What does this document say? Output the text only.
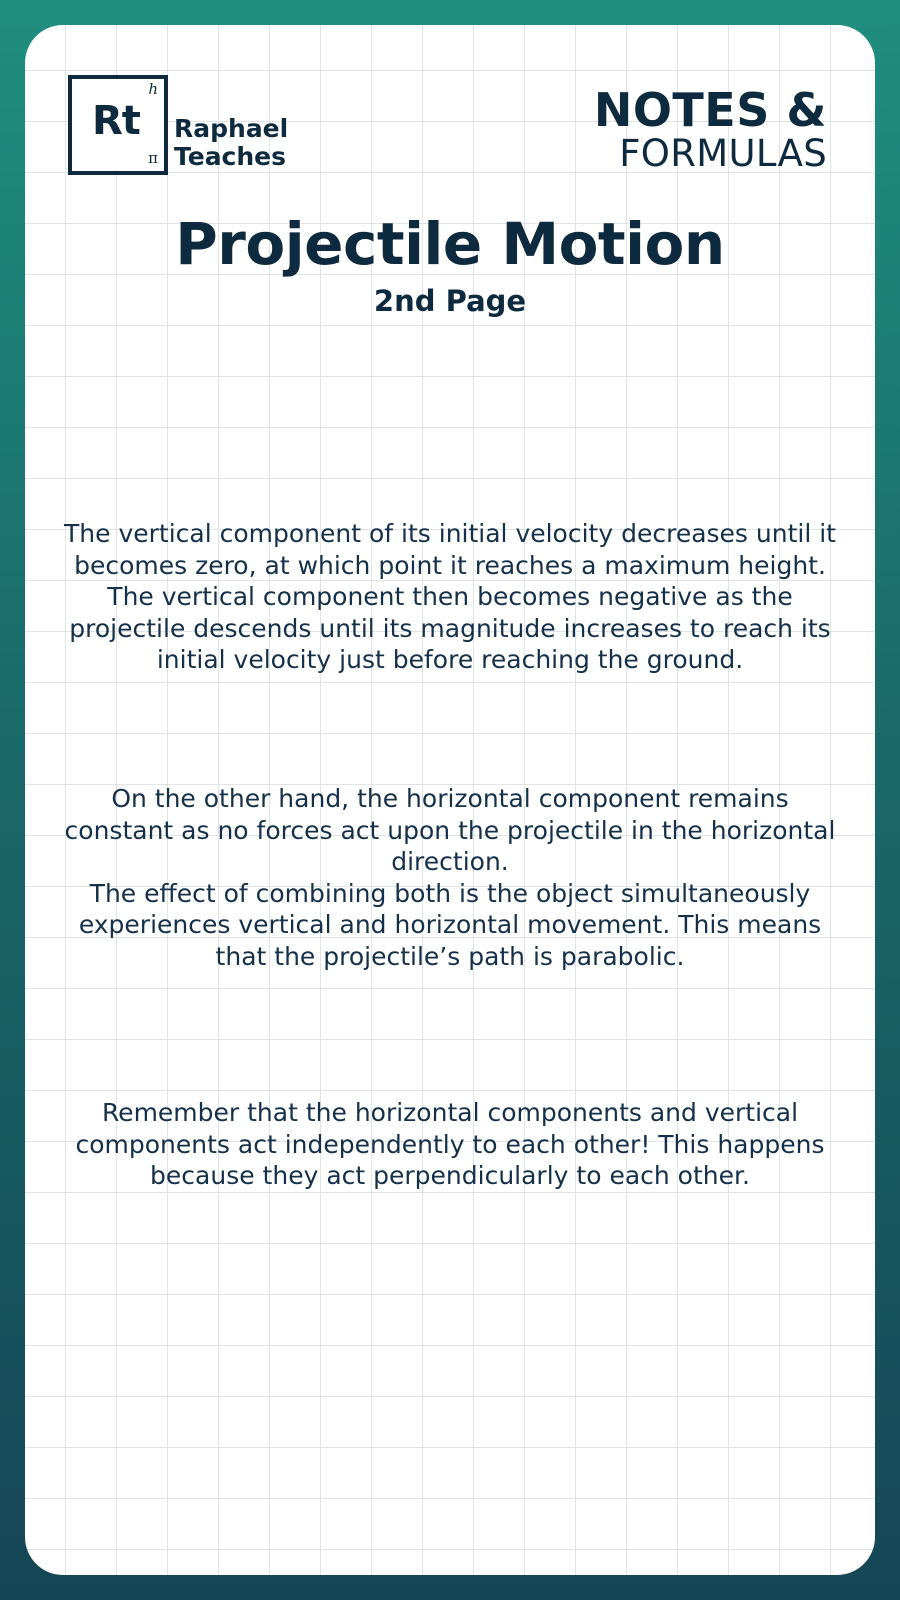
Rt
h
π
Raphael
Teaches
NOTES &
FORMULAS
Projectile Motion
2nd Page

The vertical component of its initial velocity decreases until it becomes zero, at which point it reaches a maximum height. The vertical component then becomes negative as the projectile descends until its magnitude increases to reach its initial velocity just before reaching the ground.

On the other hand, the horizontal component remains constant as no forces act upon the projectile in the horizontal direction.
The effect of combining both is the object simultaneously experiences vertical and horizontal movement. This means that the projectile’s path is parabolic.

Remember that the horizontal components and vertical components act independently to each other! This happens because they act perpendicularly to each other.
